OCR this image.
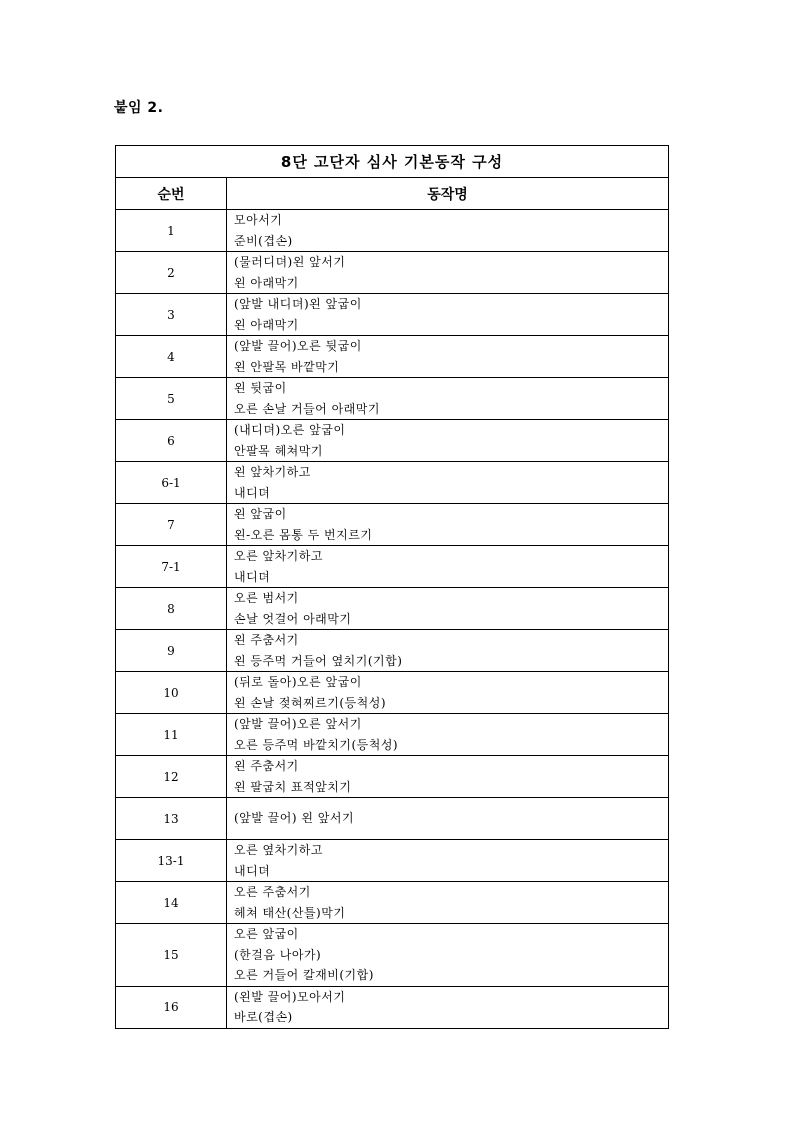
붙임 2.
8단 고단자 심사 기본동작 구성	
순번	동작명
1	모아서기
준비(겹손)

2	(물러디뎌)왼 앞서기
왼 아래막기

3	(앞발 내디뎌)왼 앞굽이
왼 아래막기

4	(앞발 끌어)오른 뒷굽이
왼 안팔목 바깥막기

5	왼 뒷굽이
오른 손날 거들어 아래막기

6	(내디뎌)오른 앞굽이
안팔목 헤쳐막기

6-1	왼 앞차기하고
내디뎌

7	왼 앞굽이
왼-오른 몸통 두 번지르기

7-1	오른 앞차기하고
내디뎌

8	오른 범서기
손날 엇걸어 아래막기

9	왼 주춤서기
왼 등주먹 거들어 옆치기(기합)

10	(뒤로 돌아)오른 앞굽이
왼 손날 젖혀찌르기(등척성)

11	(앞발 끌어)오른 앞서기
오른 등주먹 바깥치기(등척성)

12	왼 주춤서기
왼 팔굽치 표적앞치기

13	(앞발 끌어) 왼 앞서기

13-1	오른 옆차기하고
내디뎌

14	오른 주춤서기
헤쳐 태산(산틀)막기

15	오른 앞굽이
(한걸음 나아가)
오른 거들어 칼재비(기합)

16	(왼발 끌어)모아서기
바로(겹손)
